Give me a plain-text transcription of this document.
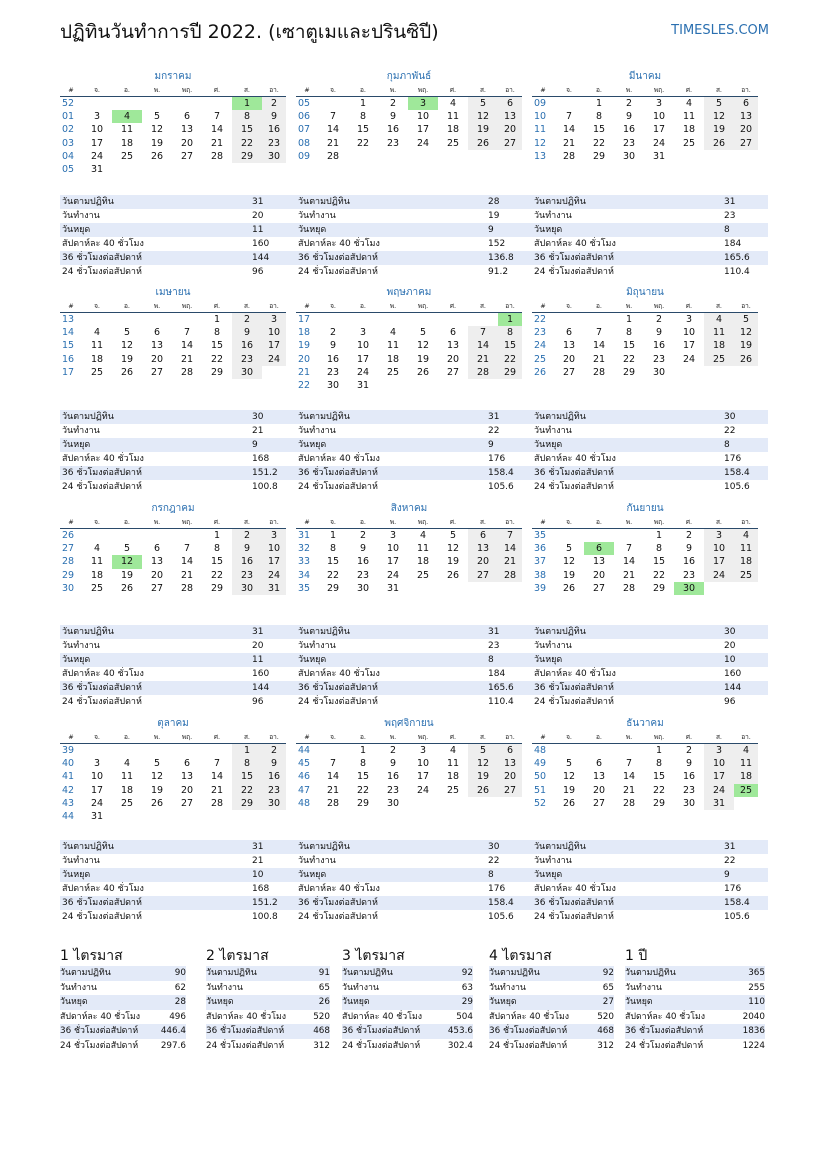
ปฏิทินวันทำการปี 2022. (เซาตูเมและปรินซิปี)	TIMESLES.COM
มกราคม
#	จ.	อ.	พ.	พฤ.	ศ.	ส.	อา.
52						1	2
01	3	4	5	6	7	8	9
02	10	11	12	13	14	15	16
03	17	18	19	20	21	22	23
04	24	25	26	27	28	29	30
05	31						
วันตามปฏิทิน	31
วันทำงาน	20
วันหยุด	11
สัปดาห์ละ 40 ชั่วโมง	160
36 ชั่วโมงต่อสัปดาห์	144
24 ชั่วโมงต่อสัปดาห์	96
กุมภาพันธ์
#	จ.	อ.	พ.	พฤ.	ศ.	ส.	อา.
05		1	2	3	4	5	6
06	7	8	9	10	11	12	13
07	14	15	16	17	18	19	20
08	21	22	23	24	25	26	27
09	28						
วันตามปฏิทิน	28
วันทำงาน	19
วันหยุด	9
สัปดาห์ละ 40 ชั่วโมง	152
36 ชั่วโมงต่อสัปดาห์	136.8
24 ชั่วโมงต่อสัปดาห์	91.2
มีนาคม
#	จ.	อ.	พ.	พฤ.	ศ.	ส.	อา.
09		1	2	3	4	5	6
10	7	8	9	10	11	12	13
11	14	15	16	17	18	19	20
12	21	22	23	24	25	26	27
13	28	29	30	31			
วันตามปฏิทิน	31
วันทำงาน	23
วันหยุด	8
สัปดาห์ละ 40 ชั่วโมง	184
36 ชั่วโมงต่อสัปดาห์	165.6
24 ชั่วโมงต่อสัปดาห์	110.4
เมษายน
#	จ.	อ.	พ.	พฤ.	ศ.	ส.	อา.
13					1	2	3
14	4	5	6	7	8	9	10
15	11	12	13	14	15	16	17
16	18	19	20	21	22	23	24
17	25	26	27	28	29	30	
วันตามปฏิทิน	30
วันทำงาน	21
วันหยุด	9
สัปดาห์ละ 40 ชั่วโมง	168
36 ชั่วโมงต่อสัปดาห์	151.2
24 ชั่วโมงต่อสัปดาห์	100.8
พฤษภาคม
#	จ.	อ.	พ.	พฤ.	ศ.	ส.	อา.
17							1
18	2	3	4	5	6	7	8
19	9	10	11	12	13	14	15
20	16	17	18	19	20	21	22
21	23	24	25	26	27	28	29
22	30	31					
วันตามปฏิทิน	31
วันทำงาน	22
วันหยุด	9
สัปดาห์ละ 40 ชั่วโมง	176
36 ชั่วโมงต่อสัปดาห์	158.4
24 ชั่วโมงต่อสัปดาห์	105.6
มิถุนายน
#	จ.	อ.	พ.	พฤ.	ศ.	ส.	อา.
22			1	2	3	4	5
23	6	7	8	9	10	11	12
24	13	14	15	16	17	18	19
25	20	21	22	23	24	25	26
26	27	28	29	30			
วันตามปฏิทิน	30
วันทำงาน	22
วันหยุด	8
สัปดาห์ละ 40 ชั่วโมง	176
36 ชั่วโมงต่อสัปดาห์	158.4
24 ชั่วโมงต่อสัปดาห์	105.6
กรกฎาคม
#	จ.	อ.	พ.	พฤ.	ศ.	ส.	อา.
26					1	2	3
27	4	5	6	7	8	9	10
28	11	12	13	14	15	16	17
29	18	19	20	21	22	23	24
30	25	26	27	28	29	30	31
วันตามปฏิทิน	31
วันทำงาน	20
วันหยุด	11
สัปดาห์ละ 40 ชั่วโมง	160
36 ชั่วโมงต่อสัปดาห์	144
24 ชั่วโมงต่อสัปดาห์	96
สิงหาคม
#	จ.	อ.	พ.	พฤ.	ศ.	ส.	อา.
31	1	2	3	4	5	6	7
32	8	9	10	11	12	13	14
33	15	16	17	18	19	20	21
34	22	23	24	25	26	27	28
35	29	30	31				
วันตามปฏิทิน	31
วันทำงาน	23
วันหยุด	8
สัปดาห์ละ 40 ชั่วโมง	184
36 ชั่วโมงต่อสัปดาห์	165.6
24 ชั่วโมงต่อสัปดาห์	110.4
กันยายน
#	จ.	อ.	พ.	พฤ.	ศ.	ส.	อา.
35				1	2	3	4
36	5	6	7	8	9	10	11
37	12	13	14	15	16	17	18
38	19	20	21	22	23	24	25
39	26	27	28	29	30		
วันตามปฏิทิน	30
วันทำงาน	20
วันหยุด	10
สัปดาห์ละ 40 ชั่วโมง	160
36 ชั่วโมงต่อสัปดาห์	144
24 ชั่วโมงต่อสัปดาห์	96
ตุลาคม
#	จ.	อ.	พ.	พฤ.	ศ.	ส.	อา.
39						1	2
40	3	4	5	6	7	8	9
41	10	11	12	13	14	15	16
42	17	18	19	20	21	22	23
43	24	25	26	27	28	29	30
44	31						
วันตามปฏิทิน	31
วันทำงาน	21
วันหยุด	10
สัปดาห์ละ 40 ชั่วโมง	168
36 ชั่วโมงต่อสัปดาห์	151.2
24 ชั่วโมงต่อสัปดาห์	100.8
พฤศจิกายน
#	จ.	อ.	พ.	พฤ.	ศ.	ส.	อา.
44		1	2	3	4	5	6
45	7	8	9	10	11	12	13
46	14	15	16	17	18	19	20
47	21	22	23	24	25	26	27
48	28	29	30				
วันตามปฏิทิน	30
วันทำงาน	22
วันหยุด	8
สัปดาห์ละ 40 ชั่วโมง	176
36 ชั่วโมงต่อสัปดาห์	158.4
24 ชั่วโมงต่อสัปดาห์	105.6
ธันวาคม
#	จ.	อ.	พ.	พฤ.	ศ.	ส.	อา.
48				1	2	3	4
49	5	6	7	8	9	10	11
50	12	13	14	15	16	17	18
51	19	20	21	22	23	24	25
52	26	27	28	29	30	31	
วันตามปฏิทิน	31
วันทำงาน	22
วันหยุด	9
สัปดาห์ละ 40 ชั่วโมง	176
36 ชั่วโมงต่อสัปดาห์	158.4
24 ชั่วโมงต่อสัปดาห์	105.6
1 ไตรมาส
วันตามปฏิทิน	90
วันทำงาน	62
วันหยุด	28
สัปดาห์ละ 40 ชั่วโมง	496
36 ชั่วโมงต่อสัปดาห์	446.4
24 ชั่วโมงต่อสัปดาห์	297.6
2 ไตรมาส
วันตามปฏิทิน	91
วันทำงาน	65
วันหยุด	26
สัปดาห์ละ 40 ชั่วโมง	520
36 ชั่วโมงต่อสัปดาห์	468
24 ชั่วโมงต่อสัปดาห์	312
3 ไตรมาส
วันตามปฏิทิน	92
วันทำงาน	63
วันหยุด	29
สัปดาห์ละ 40 ชั่วโมง	504
36 ชั่วโมงต่อสัปดาห์	453.6
24 ชั่วโมงต่อสัปดาห์	302.4
4 ไตรมาส
วันตามปฏิทิน	92
วันทำงาน	65
วันหยุด	27
สัปดาห์ละ 40 ชั่วโมง	520
36 ชั่วโมงต่อสัปดาห์	468
24 ชั่วโมงต่อสัปดาห์	312
1 ปี
วันตามปฏิทิน	365
วันทำงาน	255
วันหยุด	110
สัปดาห์ละ 40 ชั่วโมง	2040
36 ชั่วโมงต่อสัปดาห์	1836
24 ชั่วโมงต่อสัปดาห์	1224
